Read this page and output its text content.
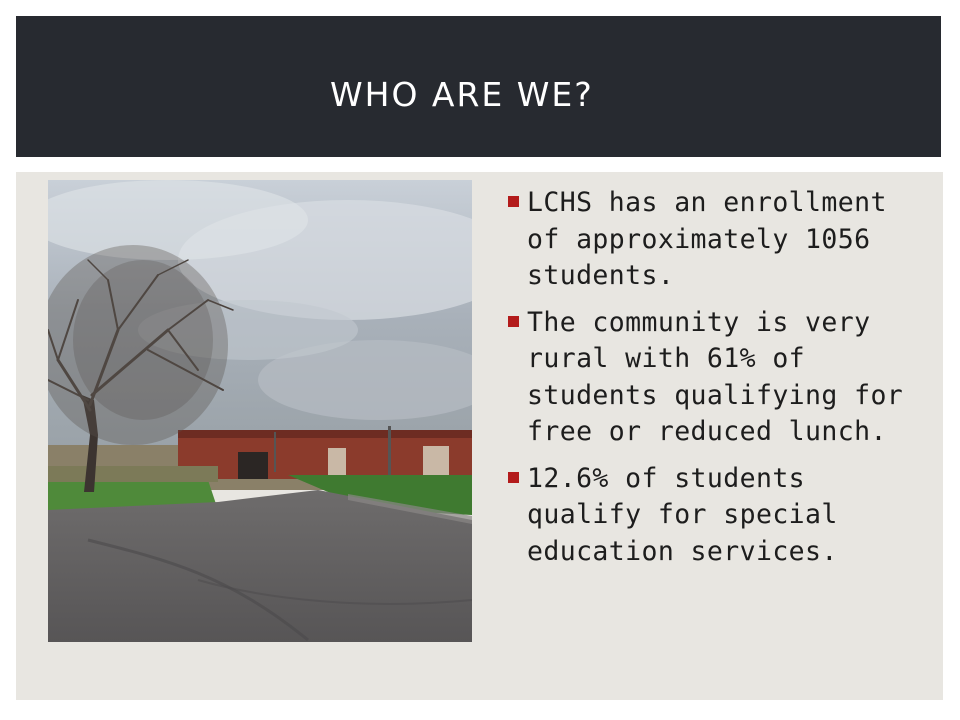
WHO ARE WE?
LCHS has an enrollment of approximately 1056 students.
The community is very rural with 61% of students qualifying for free or reduced lunch.
12.6% of students qualify for special education services.
